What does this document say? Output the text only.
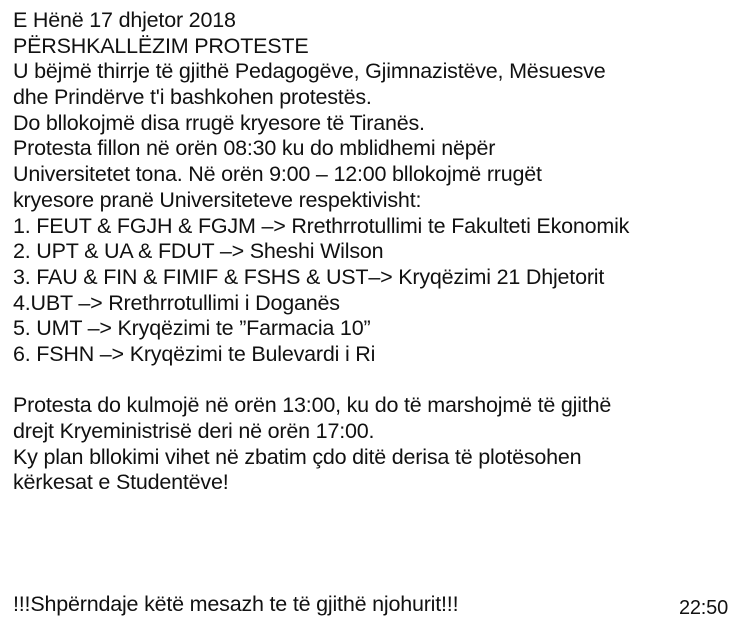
E Hënë 17 dhjetor 2018
PËRSHKALLËZIM PROTESTE
U bëjmë thirrje të gjithë Pedagogëve, Gjimnazistëve, Mësuesve
dhe Prindërve t'i bashkohen protestës.
Do bllokojmë disa rrugë kryesore të Tiranës.
Protesta fillon në orën 08:30 ku do mblidhemi nëpër
Universitetet tona. Në orën 9:00 – 12:00 bllokojmë rrugët
kryesore pranë Universiteteve respektivisht:
1. FEUT & FGJH & FGJM –> Rrethrrotullimi te Fakulteti Ekonomik
2. UPT & UA & FDUT –> Sheshi Wilson
3. FAU & FIN & FIMIF & FSHS & UST–> Kryqëzimi 21 Dhjetorit
4.UBT –> Rrethrrotullimi i Doganës
5. UMT –> Kryqëzimi te ”Farmacia 10”
6. FSHN –> Kryqëzimi te Bulevardi i Ri
Protesta do kulmojë në orën 13:00, ku do të marshojmë të gjithë
drejt Kryeministrisë deri në orën 17:00.
Ky plan bllokimi vihet në zbatim çdo ditë derisa të plotësohen
kërkesat e Studentëve!
!!!Shpërndaje këtë mesazh te të gjithë njohurit!!!	22:50
